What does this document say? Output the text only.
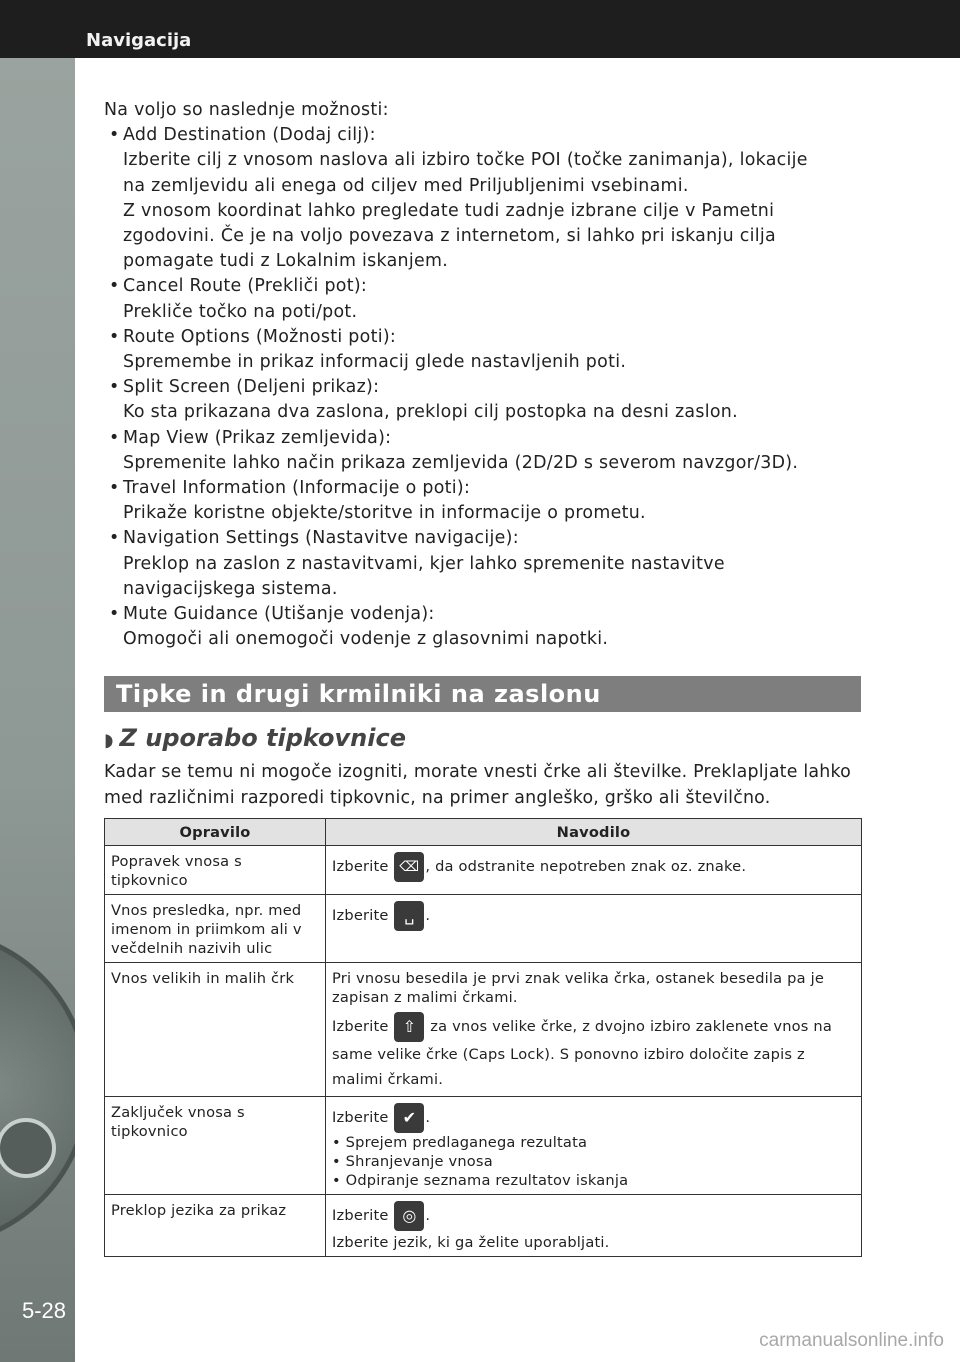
Navigacija
5-28
Na voljo so naslednje možnosti:
• Add Destination (Dodaj cilj):
Izberite cilj z vnosom naslova ali izbiro točke POI (točke zanimanja), lokacije
na zemljevidu ali enega od ciljev med Priljubljenimi vsebinami.
Z vnosom koordinat lahko pregledate tudi zadnje izbrane cilje v Pametni
zgodovini. Če je na voljo povezava z internetom, si lahko pri iskanju cilja
pomagate tudi z Lokalnim iskanjem.
• Cancel Route (Prekliči pot):
Prekliče točko na poti/pot.
• Route Options (Možnosti poti):
Spremembe in prikaz informacij glede nastavljenih poti.
• Split Screen (Deljeni prikaz):
Ko sta prikazana dva zaslona, preklopi cilj postopka na desni zaslon.
• Map View (Prikaz zemljevida):
Spremenite lahko način prikaza zemljevida (2D/2D s severom navzgor/3D).
• Travel Information (Informacije o poti):
Prikaže koristne objekte/storitve in informacije o prometu.
• Navigation Settings (Nastavitve navigacije):
Preklop na zaslon z nastavitvami, kjer lahko spremenite nastavitve
navigacijskega sistema.
• Mute Guidance (Utišanje vodenja):
Omogoči ali onemogoči vodenje z glasovnimi napotki.
Tipke in drugi krmilniki na zaslonu
◗ Z uporabo tipkovnice
Kadar se temu ni mogoče izogniti, morate vnesti črke ali številke. Preklapljate lahko med različnimi razporedi tipkovnic, na primer angleško, grško ali številčno.
Opravilo	Navodilo
Popravek vnosa s tipkovnico	Izberite ⌫ , da odstranite nepotreben znak oz. znake.

Vnos presledka, npr. med imenom in priimkom ali v večdelnih nazivih ulic	Izberite ␣ .

Vnos velikih in malih črk	Pri vnosu besedila je prvi znak velika črka, ostanek besedila pa je zapisan z malimi črkami.

Izberite ⇧ za vnos velike črke, z dvojno izbiro zaklenete vnos na same velike črke (Caps Lock). S ponovno izbiro določite zapis z malimi črkami.

Zaključek vnosa s tipkovnico	Izberite ✔ .

• Sprejem predlaganega rezultata
• Shranjevanje vnosa
• Odpiranje seznama rezultatov iskanja

Preklop jezika za prikaz	Izberite ◎ .

Izberite jezik, ki ga želite uporabljati.

carmanualsonline.info
